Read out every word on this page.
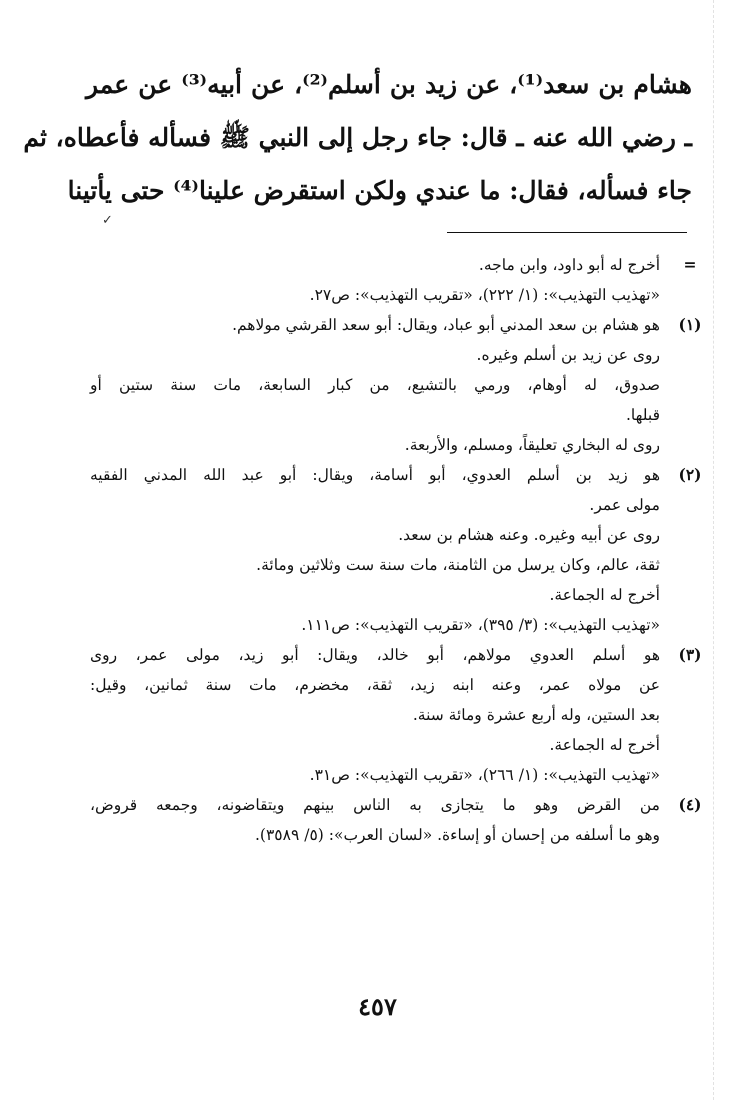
هشام بن سعد⁽¹⁾، عن زيد بن أسلم⁽²⁾، عن أبيه⁽³⁾ عن عمر
ـ رضي الله عنه ـ قال: جاء رجل إلى النبي ﷺ فسأله فأعطاه، ثم
جاء فسأله، فقال: ما عندي ولكن استقرض علينا⁽⁴⁾ حتى يأتينا
✓
=
أخرج له أبو داود، وابن ماجه.
«تهذيب التهذيب»: (١/ ٢٢٢)، «تقريب التهذيب»: ص٢٧.
(١)
هو هشام بن سعد المدني أبو عباد، ويقال: أبو سعد القرشي مولاهم.
روى عن زيد بن أسلم وغيره.
صدوق، له أوهام، ورمي بالتشيع، من كبار السابعة، مات سنة ستين أو
قبلها.
روى له البخاري تعليقاً، ومسلم، والأربعة.
(٢)
هو زيد بن أسلم العدوي، أبو أسامة، ويقال: أبو عبد الله المدني الفقيه
مولى عمر.
روى عن أبيه وغيره. وعنه هشام بن سعد.
ثقة، عالم، وكان يرسل من الثامنة، مات سنة ست وثلاثين ومائة.
أخرج له الجماعة.
«تهذيب التهذيب»: (٣/ ٣٩٥)، «تقريب التهذيب»: ص١١١.
(٣)
هو أسلم العدوي مولاهم، أبو خالد، ويقال: أبو زيد، مولى عمر، روى
عن مولاه عمر، وعنه ابنه زيد، ثقة، مخضرم، مات سنة ثمانين، وقيل:
بعد الستين، وله أربع عشرة ومائة سنة.
أخرج له الجماعة.
«تهذيب التهذيب»: (١/ ٢٦٦)، «تقريب التهذيب»: ص٣١.
(٤)
من القرض وهو ما يتجازى به الناس بينهم ويتقاضونه، وجمعه قروض،
وهو ما أسلفه من إحسان أو إساءة. «لسان العرب»: (٥/ ٣٥٨٩).
٤٥٧
